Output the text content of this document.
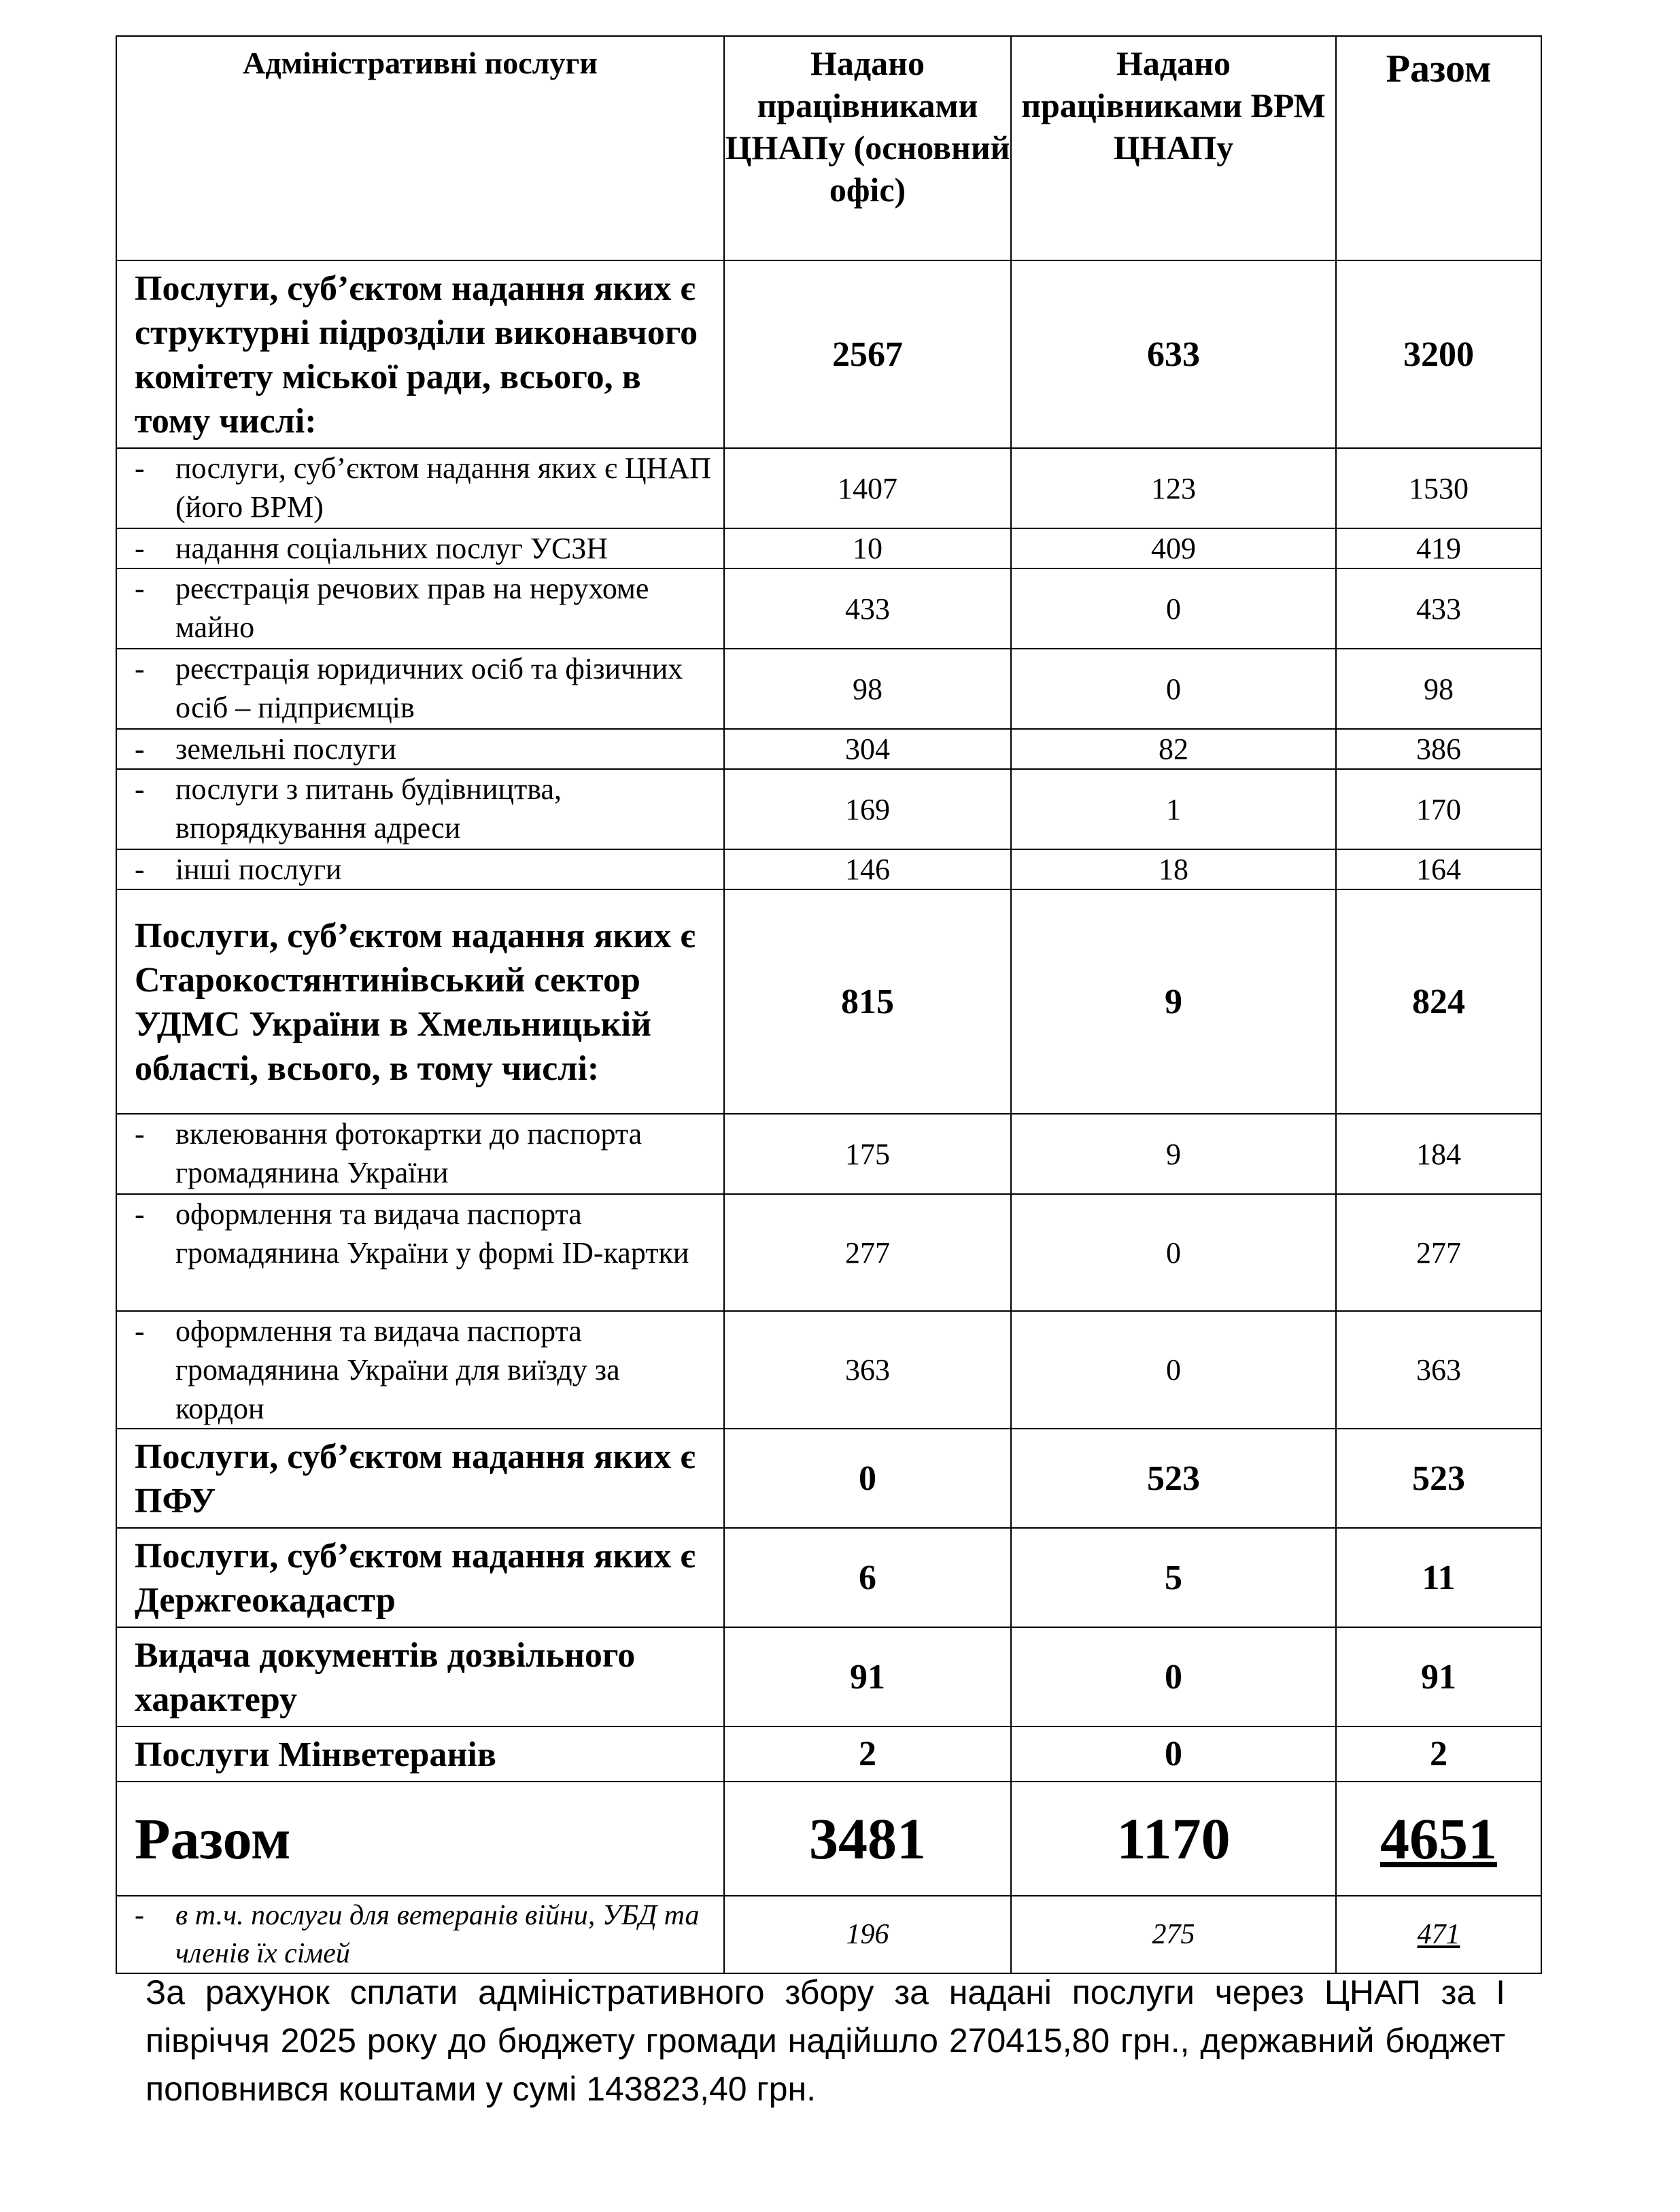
Адміністративні послуги	Надано працівниками ЦНАПу (основний офіс)	Надано працівниками ВРМ ЦНАПу	Разом
Послуги, суб’єктом надання яких є структурні підрозділи виконавчого комітету міської ради, всього, в тому числі:	2567	633	3200
- послуги, суб’єктом надання яких є ЦНАП (його ВРМ)	1407	123	1530
- надання соціальних послуг УСЗН	10	409	419
- реєстрація речових прав на нерухоме майно	433	0	433
- реєстрація юридичних осіб та фізичних осіб – підприємців	98	0	98
- земельні послуги	304	82	386
- послуги з питань будівництва, впорядкування адреси	169	1	170
- інші послуги	146	18	164
Послуги, суб’єктом надання яких є Старокостянтинівський сектор УДМС України в Хмельницькій області, всього, в тому числі:	815	9	824
- вклеювання фотокартки до паспорта громадянина України	175	9	184
- оформлення та видача паспорта громадянина України у формі ID-картки	277	0	277
- оформлення та видача паспорта громадянина України для виїзду за кордон	363	0	363
Послуги, суб’єктом надання яких є ПФУ	0	523	523
Послуги, суб’єктом надання яких є Держгеокадастр	6	5	11
Видача документів дозвільного характеру	91	0	91
Послуги Мінветеранів	2	0	2
Разом	3481	1170	4651
- в т.ч. послуги для ветеранів війни, УБД та членів їх сімей	196	275	471

За рахунок сплати адміністративного збору за надані послуги через ЦНАП за І півріччя 2025 року до бюджету громади надійшло 270415,80 грн., державний бюджет поповнився коштами у сумі 143823,40 грн.
